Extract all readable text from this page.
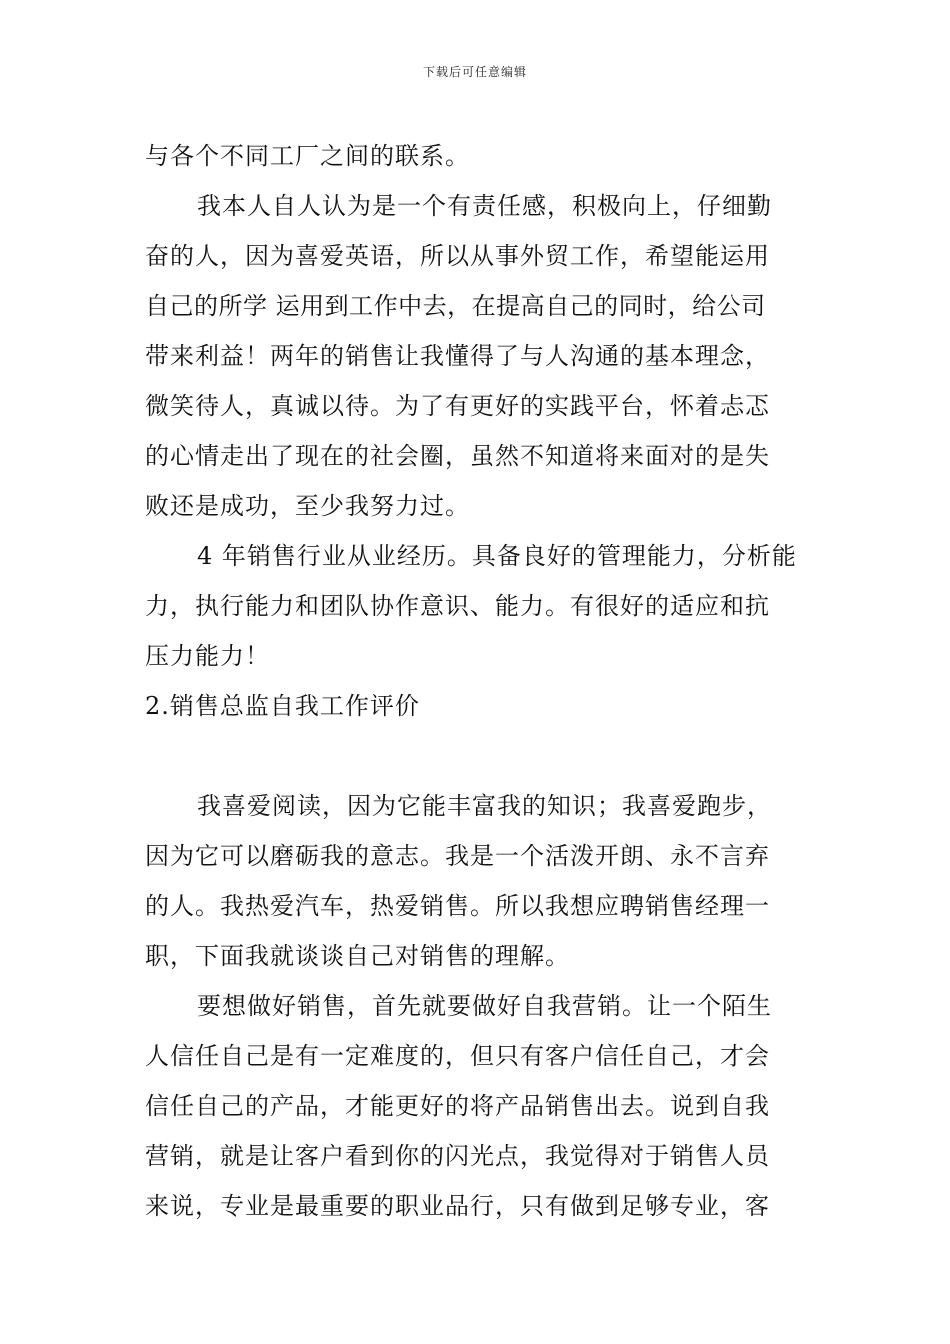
下载后可任意编辑
与各个不同工厂之间的联系。
我本人自人认为是一个有责任感，积极向上，仔细勤
奋的人，因为喜爱英语，所以从事外贸工作，希望能运用
自己的所学 运用到工作中去，在提高自己的同时，给公司
带来利益！两年的销售让我懂得了与人沟通的基本理念，
微笑待人，真诚以待。为了有更好的实践平台，怀着忐忑
的心情走出了现在的社会圈，虽然不知道将来面对的是失
败还是成功，至少我努力过。
4 年销售行业从业经历。具备良好的管理能力，分析能
力，执行能力和团队协作意识、能力。有很好的适应和抗
压力能力！
2.销售总监自我工作评价
我喜爱阅读，因为它能丰富我的知识；我喜爱跑步，
因为它可以磨砺我的意志。我是一个活泼开朗、永不言弃
的人。我热爱汽车，热爱销售。所以我想应聘销售经理一
职，下面我就谈谈自己对销售的理解。
要想做好销售，首先就要做好自我营销。让一个陌生
人信任自己是有一定难度的，但只有客户信任自己，才会
信任自己的产品，才能更好的将产品销售出去。说到自我
营销，就是让客户看到你的闪光点，我觉得对于销售人员
来说，专业是最重要的职业品行，只有做到足够专业，客
